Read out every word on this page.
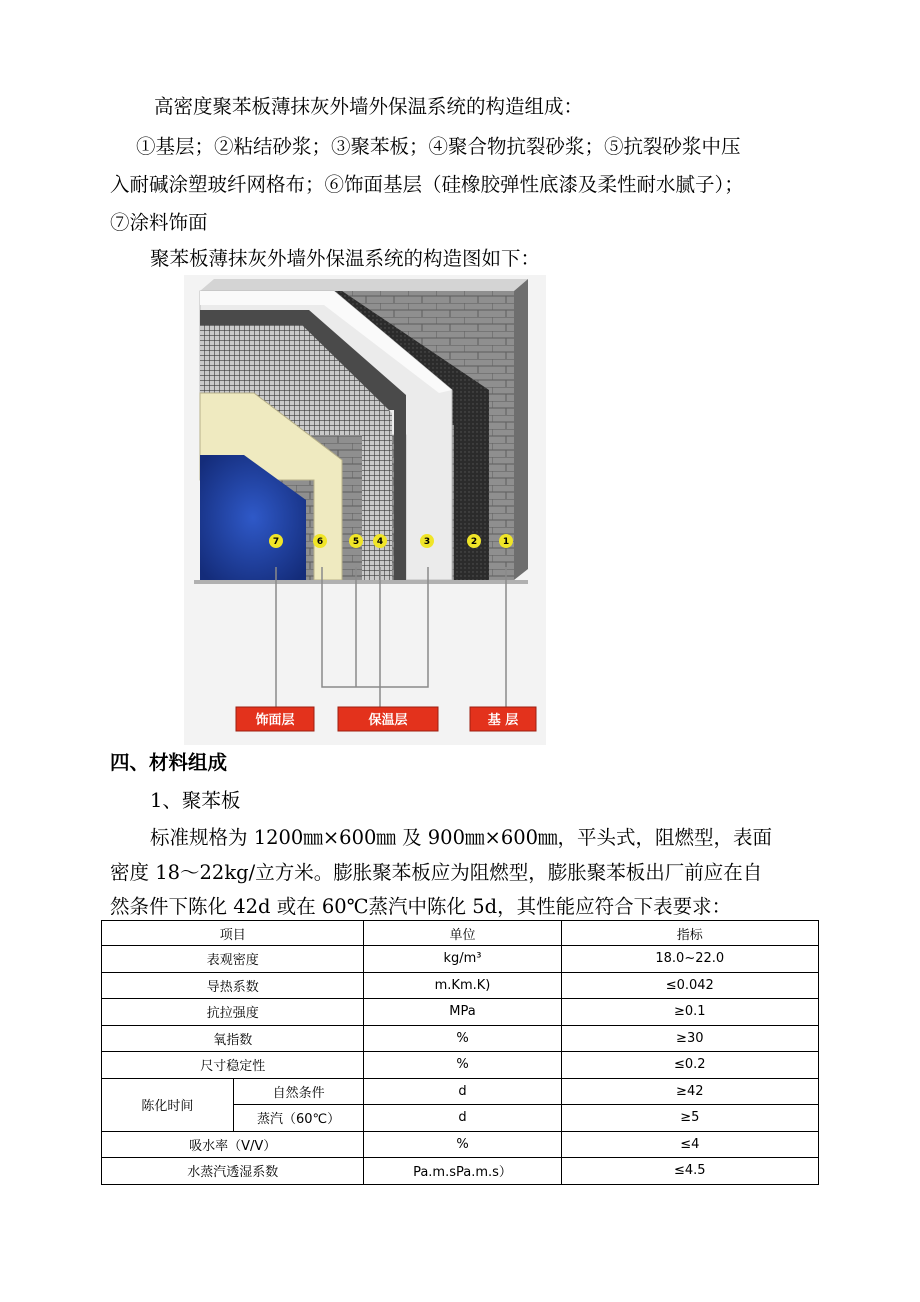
高密度聚苯板薄抹灰外墙外保温系统的构造组成：
①基层；②粘结砂浆；③聚苯板；④聚合物抗裂砂浆；⑤抗裂砂浆中压
入耐碱涂塑玻纤网格布；⑥饰面基层（硅橡胶弹性底漆及柔性耐水腻子）；
⑦涂料饰面
聚苯板薄抹灰外墙外保温系统的构造图如下：
7	6	5 4	3	2	1
饰面层	保温层	基 层
四、材料组成
1、聚苯板
标准规格为 1200㎜×600㎜ 及 900㎜×600㎜，平头式，阻燃型，表面
密度 18～22kg/立方米。膨胀聚苯板应为阻燃型，膨胀聚苯板出厂前应在自
然条件下陈化 42d 或在 60℃蒸汽中陈化 5d，其性能应符合下表要求：
项目		单位	指标
表观密度		kg/m³	18.0~22.0
导热系数		m.Km.K)	≤0.042
抗拉强度		MPa	≥0.1
氧指数		%	≥30
尺寸稳定性		%	≤0.2
陈化时间	自然条件	d	≥42
	蒸汽（60℃）	d	≥5
吸水率（V/V）		%	≤4
水蒸汽透湿系数		Pa.m.sPa.m.s）	≤4.5
